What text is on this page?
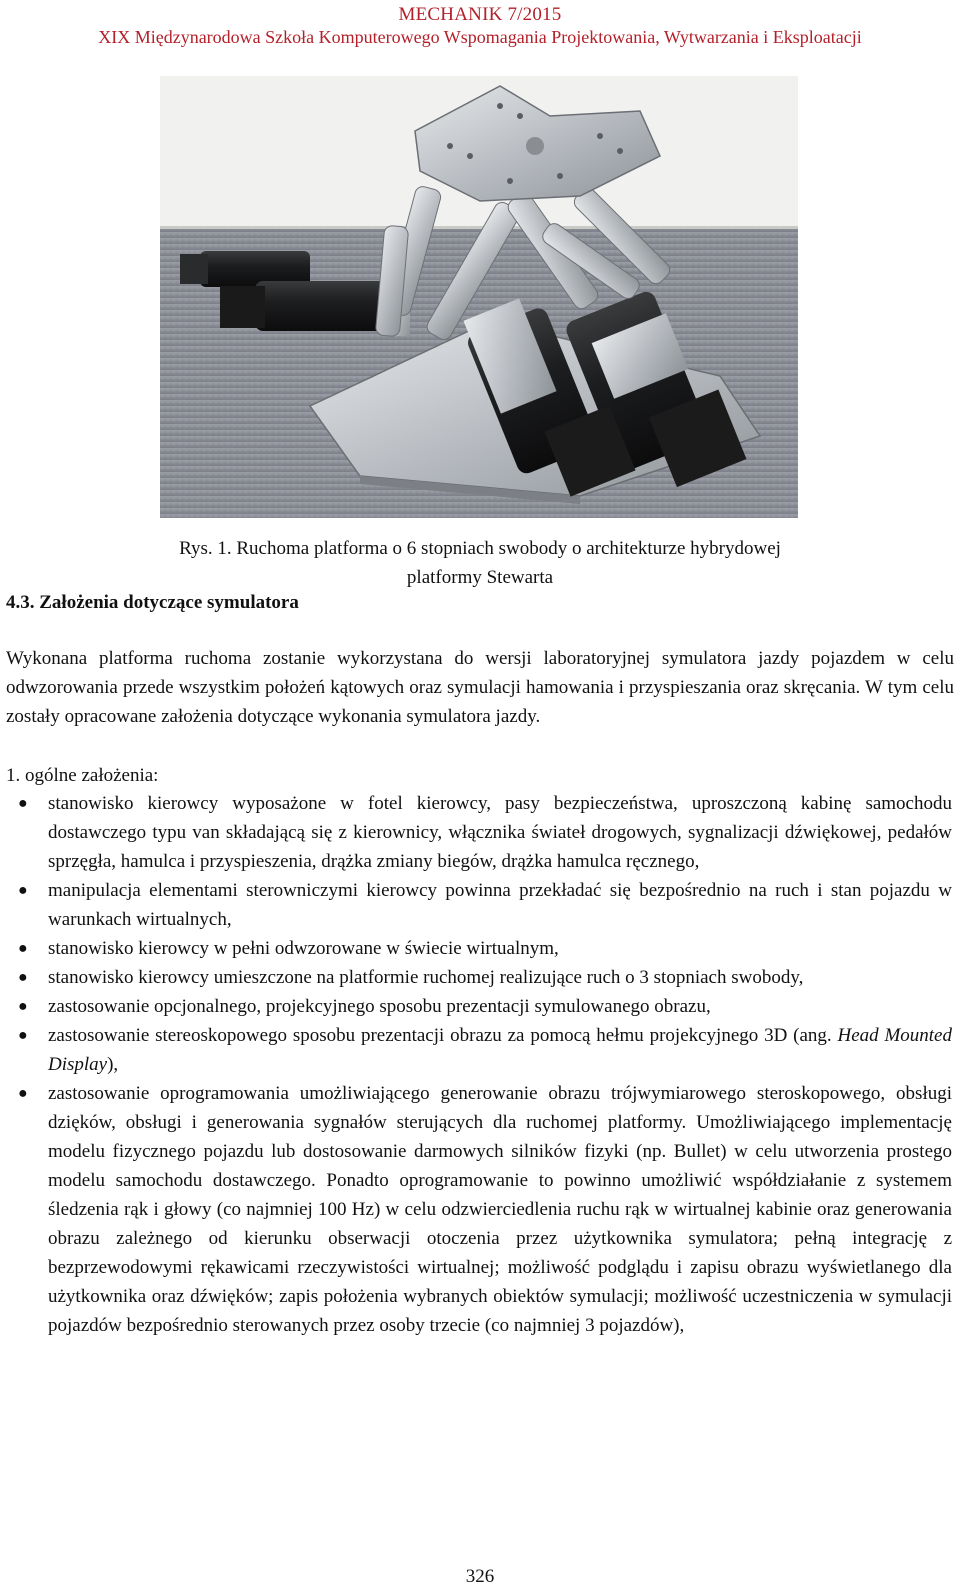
MECHANIK 7/2015
XIX Międzynarodowa Szkoła Komputerowego Wspomagania Projektowania, Wytwarzania i Eksploatacji
Rys. 1. Ruchoma platforma o 6 stopniach swobody o architekturze hybrydowej
platformy Stewarta
4.3. Założenia dotyczące symulatora
Wykonana platforma ruchoma zostanie wykorzystana do wersji laboratoryjnej symulatora jazdy pojazdem w celu odwzorowania przede wszystkim położeń kątowych oraz symulacji hamowania i przyspieszania oraz skręcania. W tym celu zostały opracowane założenia dotyczące wykonania symulatora jazdy.
1. ogólne założenia:
● stanowisko kierowcy wyposażone w fotel kierowcy, pasy bezpieczeństwa, uproszczoną kabinę samochodu dostawczego typu van składającą się z kierownicy, włącznika świateł drogowych, sygnalizacji dźwiękowej, pedałów sprzęgła, hamulca i przyspieszenia, drążka zmiany biegów, drążka hamulca ręcznego,
● manipulacja elementami sterowniczymi kierowcy powinna przekładać się bezpośrednio na ruch i stan pojazdu w warunkach wirtualnych,
● stanowisko kierowcy w pełni odwzorowane w świecie wirtualnym,
● stanowisko kierowcy umieszczone na platformie ruchomej realizujące ruch o 3 stopniach swobody,
● zastosowanie opcjonalnego, projekcyjnego sposobu prezentacji symulowanego obrazu,
● zastosowanie stereoskopowego sposobu prezentacji obrazu za pomocą hełmu projekcyjnego 3D (ang. Head Mounted Display),
● zastosowanie oprogramowania umożliwiającego generowanie obrazu trójwymiarowego steroskopowego, obsługi dzięków, obsługi i generowania sygnałów sterujących dla ruchomej platformy. Umożliwiającego implementację modelu fizycznego pojazdu lub dostosowanie darmowych silników fizyki (np. Bullet) w celu utworzenia prostego modelu samochodu dostawczego. Ponadto oprogramowanie to powinno umożliwić współdziałanie z systemem śledzenia rąk i głowy (co najmniej 100 Hz) w celu odzwierciedlenia ruchu rąk w wirtualnej kabinie oraz generowania obrazu zależnego od kierunku obserwacji otoczenia przez użytkownika symulatora; pełną integrację z bezprzewodowymi rękawicami rzeczywistości wirtualnej; możliwość podglądu i zapisu obrazu wyświetlanego dla użytkownika oraz dźwięków; zapis położenia wybranych obiektów symulacji; możliwość uczestniczenia w symulacji pojazdów bezpośrednio sterowanych przez osoby trzecie (co najmniej 3 pojazdów),
326
